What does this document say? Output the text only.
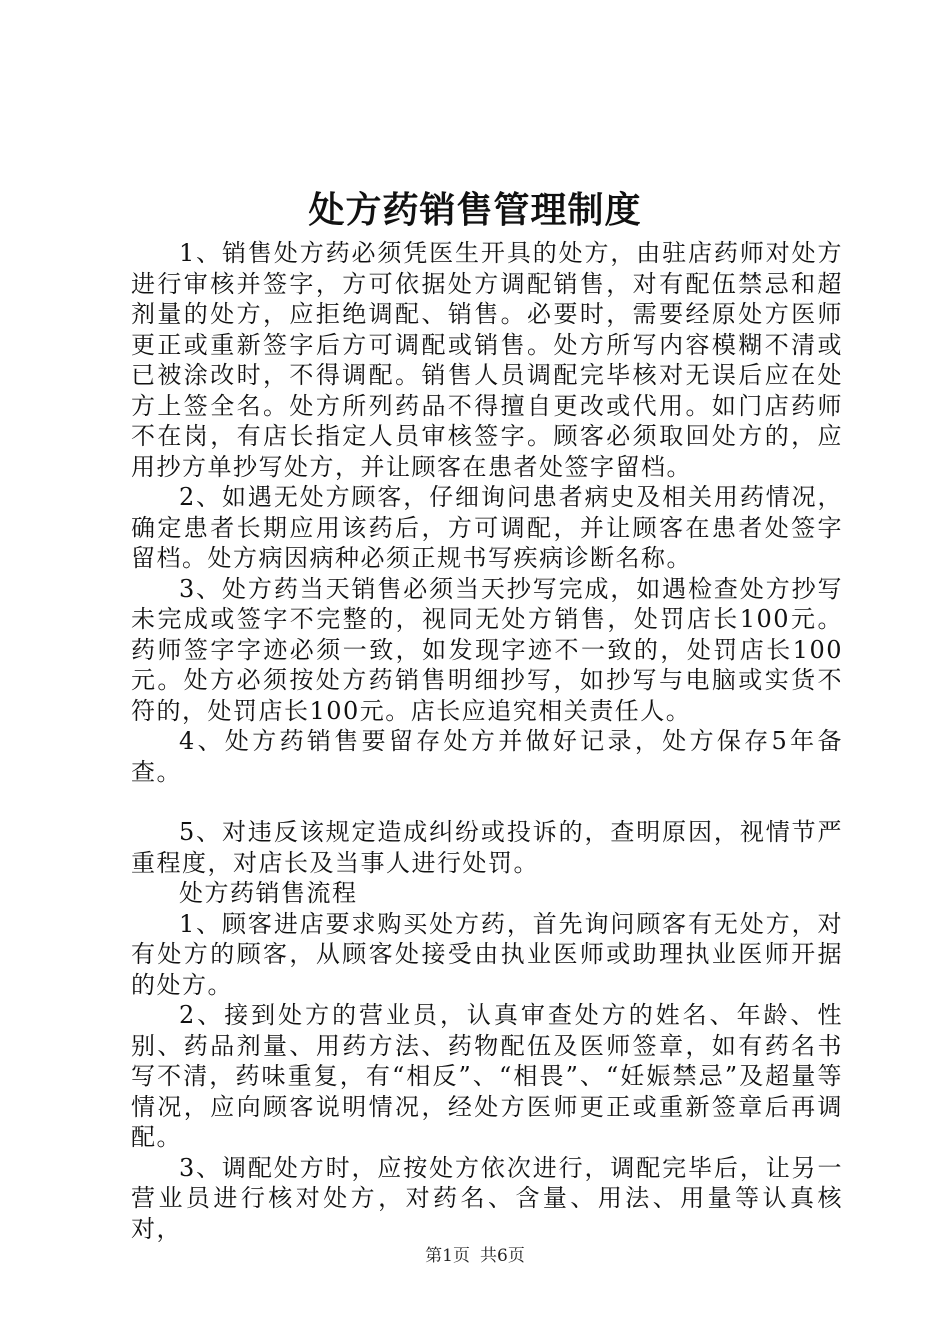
处方药销售管理制度

1、销售处方药必须凭医生开具的处方，由驻店药师对处方进行审核并签字，方可依据处方调配销售，对有配伍禁忌和超剂量的处方，应拒绝调配、销售。必要时，需要经原处方医师更正或重新签字后方可调配或销售。处方所写内容模糊不清或已被涂改时，不得调配。销售人员调配完毕核对无误后应在处方上签全名。处方所列药品不得擅自更改或代用。如门店药师不在岗，有店长指定人员审核签字。顾客必须取回处方的，应用抄方单抄写处方，并让顾客在患者处签字留档。

2、如遇无处方顾客，仔细询问患者病史及相关用药情况，确定患者长期应用该药后，方可调配，并让顾客在患者处签字留档。处方病因病种必须正规书写疾病诊断名称。

3、处方药当天销售必须当天抄写完成，如遇检查处方抄写未完成或签字不完整的，视同无处方销售，处罚店长100元。药师签字字迹必须一致，如发现字迹不一致的，处罚店长100元。处方必须按处方药销售明细抄写，如抄写与电脑或实货不符的，处罚店长100元。店长应追究相关责任人。

4、处方药销售要留存处方并做好记录，处方保存5年备查。

5、对违反该规定造成纠纷或投诉的，查明原因，视情节严重程度，对店长及当事人进行处罚。

处方药销售流程

1、顾客进店要求购买处方药，首先询问顾客有无处方，对有处方的顾客，从顾客处接受由执业医师或助理执业医师开据的处方。

2、接到处方的营业员，认真审查处方的姓名、年龄、性别、药品剂量、用药方法、药物配伍及医师签章，如有药名书写不清，药味重复，有“相反”、“相畏”、“妊娠禁忌”及超量等情况，应向顾客说明情况，经处方医师更正或重新签章后再调配。

3、调配处方时，应按处方依次进行，调配完毕后，让另一营业员进行核对处方，对药名、含量、用法、用量等认真核对，

第1页 共6页
